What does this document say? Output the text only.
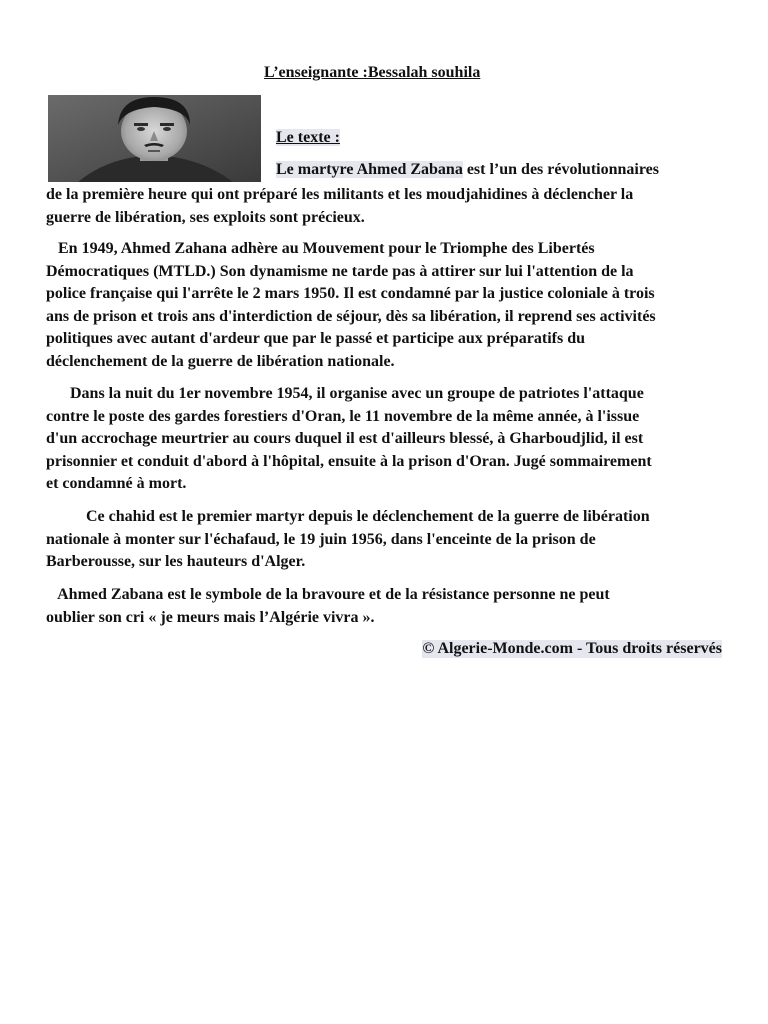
L’enseignante :Bessalah souhila
Le texte :
Le martyre Ahmed Zabana est l’un des révolutionnaires
de la première heure qui ont préparé les militants et les moudjahidines à déclencher la
guerre de libération, ses exploits sont précieux.
En 1949, Ahmed Zahana adhère au Mouvement pour le Triomphe des Libertés
Démocratiques (MTLD.) Son dynamisme ne tarde pas à attirer sur lui l'attention de la
police française qui l'arrête le 2 mars 1950. Il est condamné par la justice coloniale à trois
ans de prison et trois ans d'interdiction de séjour, dès sa libération, il reprend ses activités
politiques avec autant d'ardeur que par le passé et participe aux préparatifs du
déclenchement de la guerre de libération nationale.
Dans la nuit du 1er novembre 1954, il organise avec un groupe de patriotes l'attaque
contre le poste des gardes forestiers d'Oran, le 11 novembre de la même année, à l'issue
d'un accrochage meurtrier au cours duquel il est d'ailleurs blessé, à Gharboudjlid, il est
prisonnier et conduit d'abord à l'hôpital, ensuite à la prison d'Oran. Jugé sommairement
et condamné à mort.
Ce chahid est le premier martyr depuis le déclenchement de la guerre de libération
nationale à monter sur l'échafaud, le 19 juin 1956, dans l'enceinte de la prison de
Barberousse, sur les hauteurs d'Alger.
Ahmed Zabana est le symbole de la bravoure et de la résistance personne ne peut
oublier son cri « je meurs mais l’Algérie vivra ».
© Algerie-Monde.com - Tous droits réservés
